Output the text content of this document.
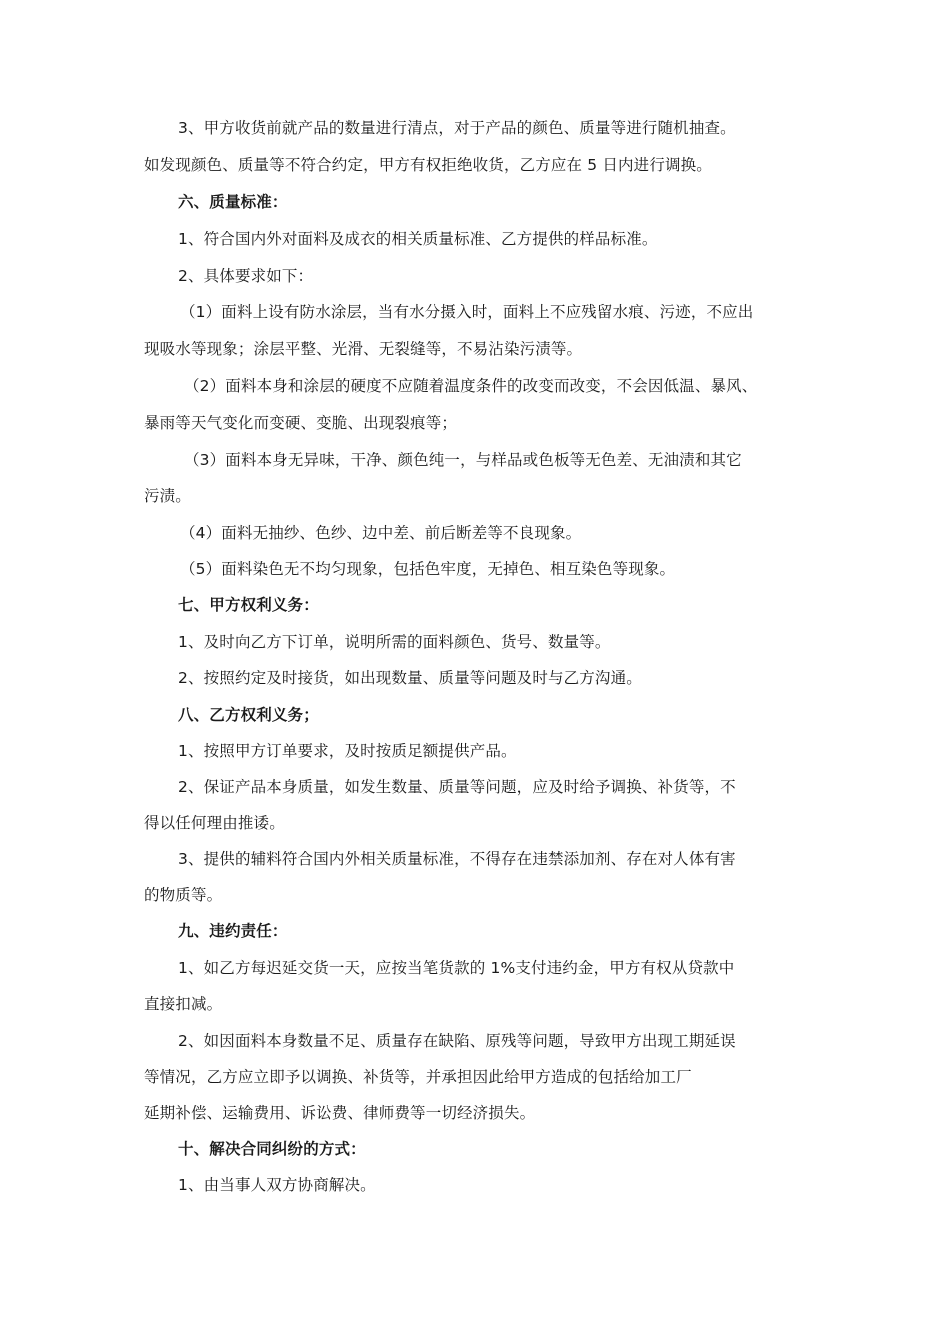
3、甲方收货前就产品的数量进行清点，对于产品的颜色、质量等进行随机抽查。
如发现颜色、质量等不符合约定，甲方有权拒绝收货，乙方应在 5 日内进行调换。
六、质量标准：
1、符合国内外对面料及成衣的相关质量标准、乙方提供的样品标准。
2、具体要求如下：
（1）面料上设有防水涂层，当有水分摄入时，面料上不应残留水痕、污迹，不应出
现吸水等现象；涂层平整、光滑、无裂缝等，不易沾染污渍等。
（2）面料本身和涂层的硬度不应随着温度条件的改变而改变，不会因低温、暴风、
暴雨等天气变化而变硬、变脆、出现裂痕等；
（3）面料本身无异味，干净、颜色纯一，与样品或色板等无色差、无油渍和其它
污渍。
（4）面料无抽纱、色纱、边中差、前后断差等不良现象。
（5）面料染色无不均匀现象，包括色牢度，无掉色、相互染色等现象。
七、甲方权利义务：
1、及时向乙方下订单，说明所需的面料颜色、货号、数量等。
2、按照约定及时接货，如出现数量、质量等问题及时与乙方沟通。
八、乙方权利义务；
1、按照甲方订单要求，及时按质足额提供产品。
2、保证产品本身质量，如发生数量、质量等问题，应及时给予调换、补货等，不
得以任何理由推诿。
3、提供的辅料符合国内外相关质量标准，不得存在违禁添加剂、存在对人体有害
的物质等。
九、违约责任：
1、如乙方每迟延交货一天，应按当笔货款的 1%支付违约金，甲方有权从贷款中
直接扣减。
2、如因面料本身数量不足、质量存在缺陷、原残等问题，导致甲方出现工期延误
等情况，乙方应立即予以调换、补货等，并承担因此给甲方造成的包括给加工厂
延期补偿、运输费用、诉讼费、律师费等一切经济损失。
十、解决合同纠纷的方式：
1、由当事人双方协商解决。
